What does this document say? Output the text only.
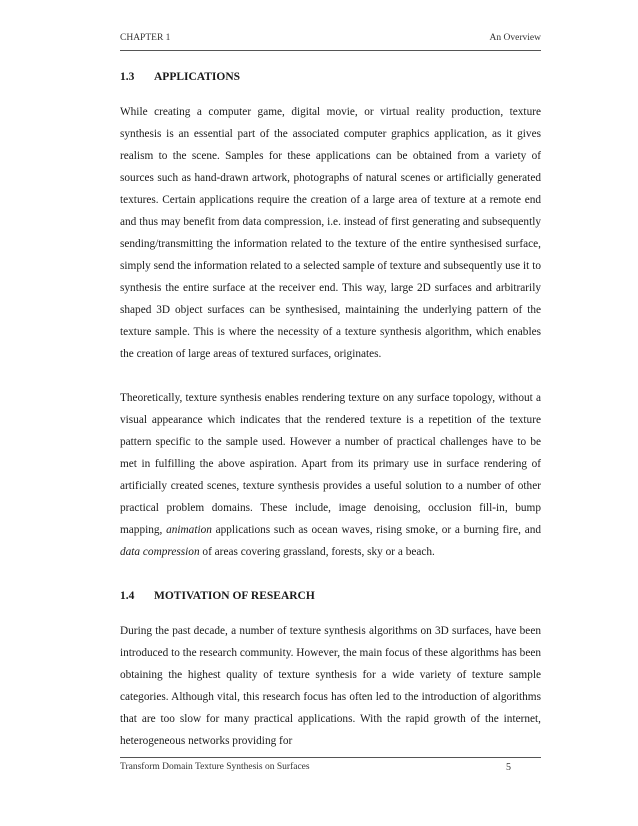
CHAPTER 1	An Overview
1.3 APPLICATIONS

While creating a computer game, digital movie, or virtual reality production, texture synthesis is an essential part of the associated computer graphics application, as it gives realism to the scene. Samples for these applications can be obtained from a variety of sources such as hand-drawn artwork, photographs of natural scenes or artificially generated textures. Certain applications require the creation of a large area of texture at a remote end and thus may benefit from data compression, i.e. instead of first generating and subsequently sending/transmitting the information related to the texture of the entire synthesised surface, simply send the information related to a selected sample of texture and subsequently use it to synthesis the entire surface at the receiver end. This way, large 2D surfaces and arbitrarily shaped 3D object surfaces can be synthesised, maintaining the underlying pattern of the texture sample. This is where the necessity of a texture synthesis algorithm, which enables the creation of large areas of textured surfaces, originates.

Theoretically, texture synthesis enables rendering texture on any surface topology, without a visual appearance which indicates that the rendered texture is a repetition of the texture pattern specific to the sample used. However a number of practical challenges have to be met in fulfilling the above aspiration. Apart from its primary use in surface rendering of artificially created scenes, texture synthesis provides a useful solution to a number of other practical problem domains. These include, image denoising, occlusion fill-in, bump mapping, animation applications such as ocean waves, rising smoke, or a burning fire, and data compression of areas covering grassland, forests, sky or a beach.

1.4 MOTIVATION OF RESEARCH

During the past decade, a number of texture synthesis algorithms on 3D surfaces, have been introduced to the research community. However, the main focus of these algorithms has been obtaining the highest quality of texture synthesis for a wide variety of texture sample categories. Although vital, this research focus has often led to the introduction of algorithms that are too slow for many practical applications. With the rapid growth of the internet, heterogeneous networks providing for

Transform Domain Texture Synthesis on Surfaces	5
